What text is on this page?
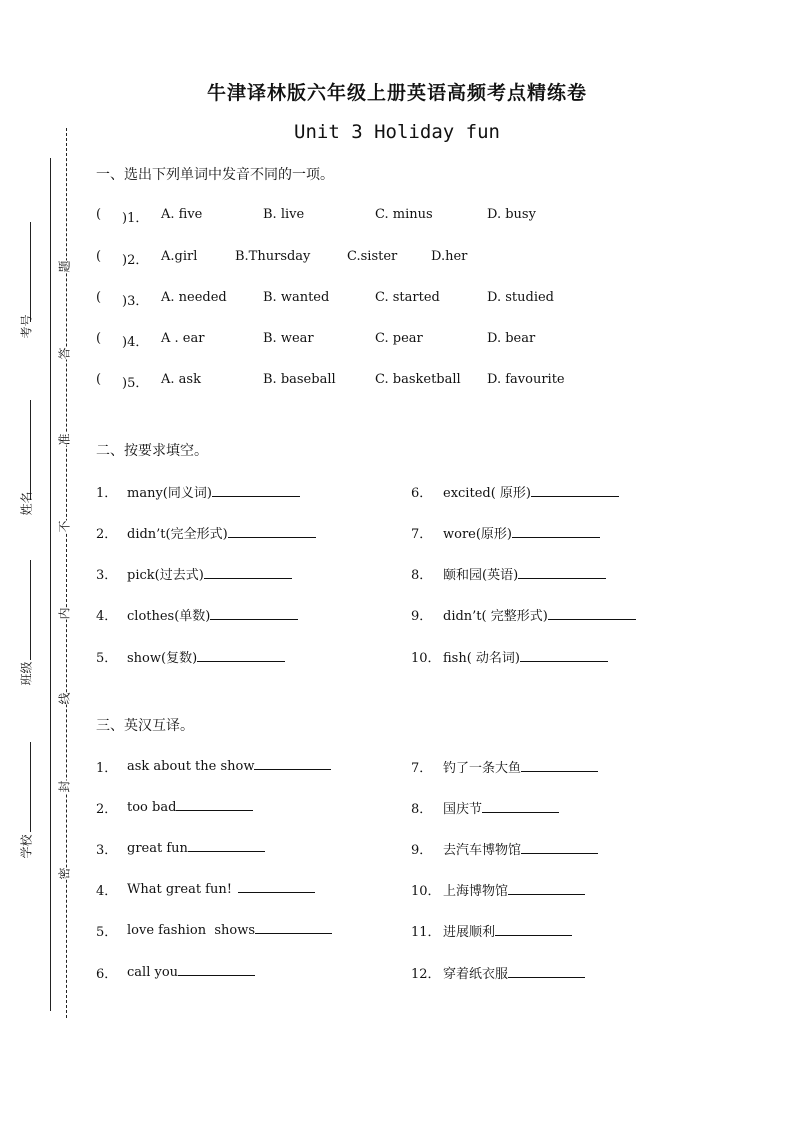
考号
姓名
班级
学校
题
答
准
不
内
线
封
密
牛津译林版六年级上册英语高频考点精练卷
Unit 3 Holiday fun
一、选出下列单词中发音不同的一项。
( )1． A. five	B. live	C. minus	D. busy
( )2． A.girl	B.Thursday	C.sister	D.her
( )3． A. needed	B. wanted	C. started	D. studied
( )4． A . ear	B. wear	C. pear	D. bear
( )5． A. ask	B. baseball	C. basketball D. favourite
二、按要求填空。
1． many(同义词)
2． didn’t(完全形式)
3． pick(过去式)
4． clothes(单数)
5． show(复数)
6． excited( 原形)
7． wore(原形)
8． 颐和园(英语)
9． didn’t( 完整形式)
10． fish( 动名词)
三、英汉互译。
1． ask about the show
2． too bad
3． great fun
4． What great fun!
5． love fashion  shows
6． call you
7． 钓了一条大鱼
8． 国庆节
9． 去汽车博物馆
10． 上海博物馆
11． 进展顺利
12． 穿着纸衣服
